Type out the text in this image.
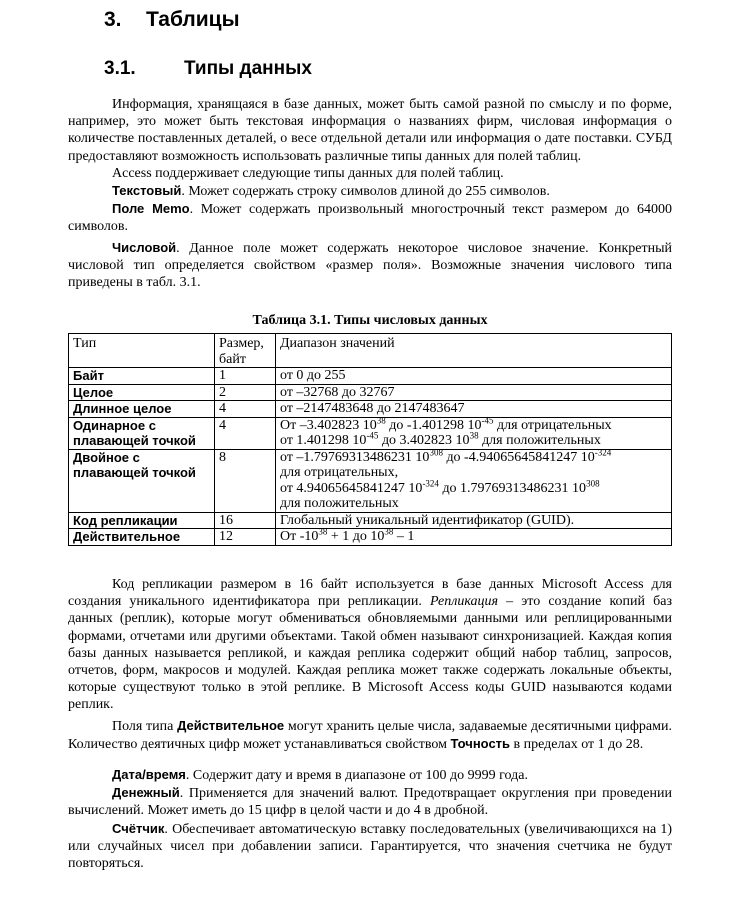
3. Таблицы
3.1.	Типы данных

Информация, хранящаяся в базе данных, может быть самой разной по смыслу и по форме, например, это может быть текстовая информация о названиях фирм, числовая информация о количестве поставленных деталей, о весе отдельной детали или информация о дате поставки. СУБД предоставляют возможность использовать различные типы данных для полей таблиц.

Access поддерживает следующие типы данных для полей таблиц.

Текстовый. Может содержать строку символов длиной до 255 символов.

Поле Memo. Может содержать произвольный многострочный текст размером до 64000 символов.

Числовой. Данное поле может содержать некоторое числовое значение. Конкретный числовой тип определяется свойством «размер поля». Возможные значения числового типа приведены в табл. 3.1.

Таблица 3.1. Типы числовых данных
Тип	Размер, байт	Диапазон значений
Байт	1	от 0 до 255
Целое	2	от –32768 до 32767
Длинное целое	4	от –2147483648 до 2147483647
Одинарное с плавающей точкой	4	От –3.402823 $10^{38}$ до -1.401298 $10^{-45}$ для отрицательных
от 1.401298 $10^{-45}$ до 3.402823 $10^{38}$ для положительных

Двойное с плавающей точкой	8	от –1.79769313486231 $10^{308}$ до -4.94065645841247 $10^{-324}$
для отрицательных,
от 4.94065645841247 $10^{-324}$ до 1.79769313486231 $10^{308}$
для положительных

Код репликации	16	Глобальный уникальный идентификатор (GUID).
Действительное	12	От $-10^{38} + 1$ до $10^{38} - 1$

Код репликации размером в 16 байт используется в базе данных Microsoft Access для создания уникального идентификатора при репликации. Репликация – это создание копий баз данных (реплик), которые могут обмениваться обновляемыми данными или реплицированными формами, отчетами или другими объектами. Такой обмен называют синхронизацией. Каждая копия базы данных называется репликой, и каждая реплика содержит общий набор таблиц, запросов, отчетов, форм, макросов и модулей. Каждая реплика может также содержать локальные объекты, которые существуют только в этой реплике. В Microsoft Access коды GUID называются кодами реплик.

Поля типа Действительное могут хранить целые числа, задаваемые десятичными цифрами. Количество деятичных цифр может устанавливаться свойством Точность в пределах от 1 до 28.

Дата/время. Содержит дату и время в диапазоне от 100 до 9999 года.

Денежный. Применяется для значений валют. Предотвращает округления при проведении вычислений. Может иметь до 15 цифр в целой части и до 4 в дробной.

Счётчик. Обеспечивает автоматическую вставку последовательных (увеличивающихся на 1) или случайных чисел при добавлении записи. Гарантируется, что значения счетчика не будут повторяться.
